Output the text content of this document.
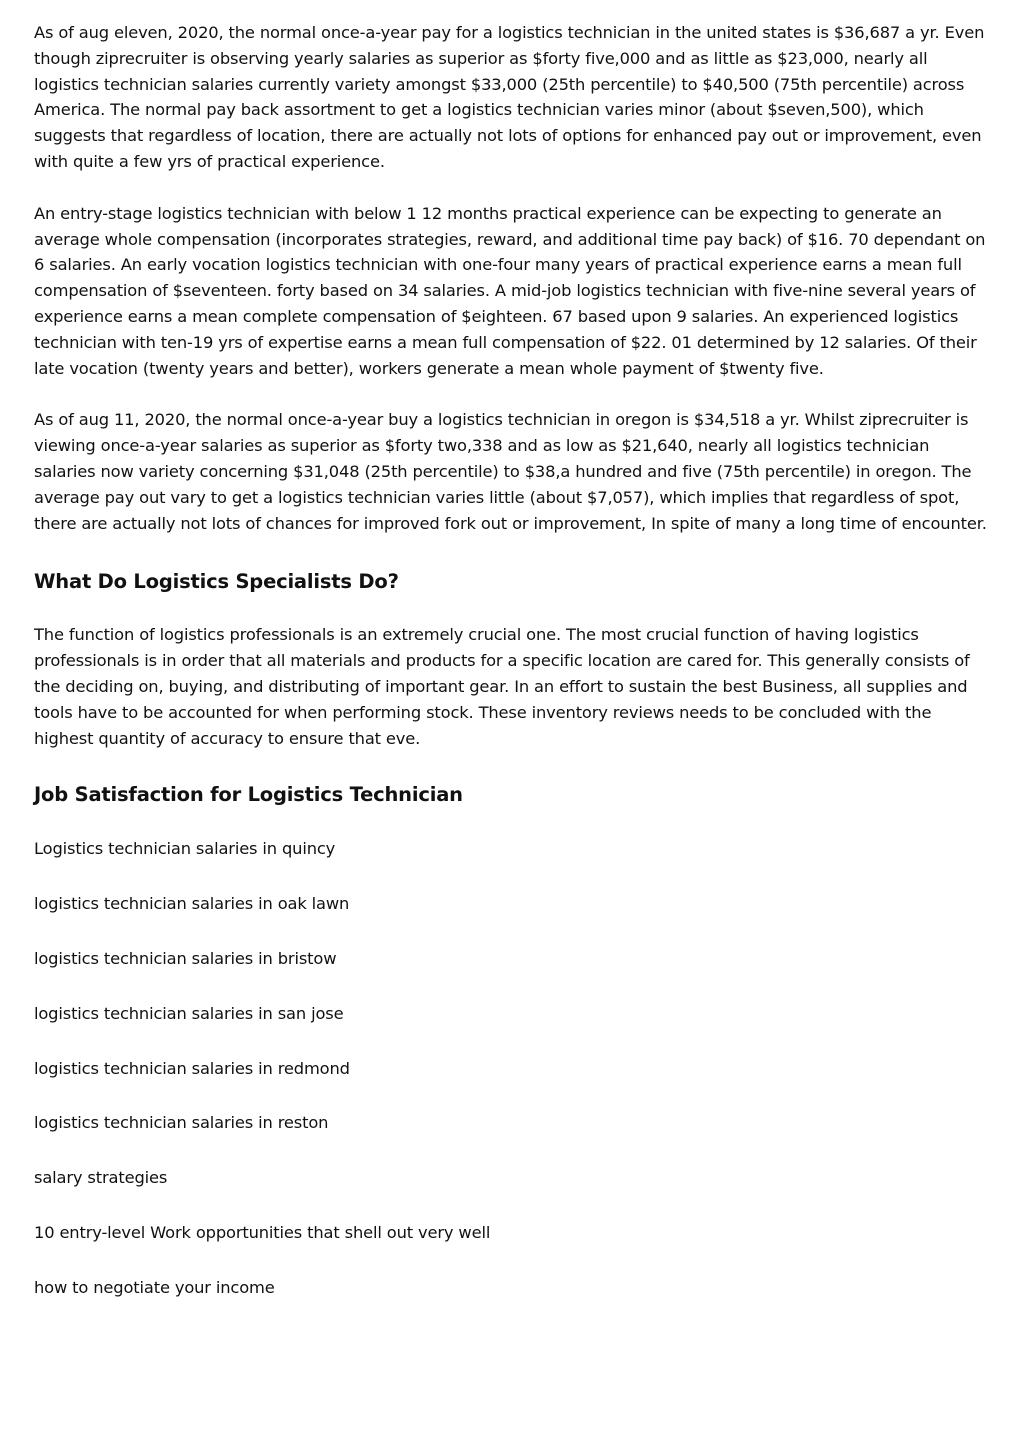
As of aug eleven, 2020, the normal once-a-year pay for a logistics technician in the united states is $36,687 a yr. Even though ziprecruiter is observing yearly salaries as superior as $forty five,000 and as little as $23,000, nearly all logistics technician salaries currently variety amongst $33,000 (25th percentile) to $40,500 (75th percentile) across America. The normal pay back assortment to get a logistics technician varies minor (about $seven,500), which suggests that regardless of location, there are actually not lots of options for enhanced pay out or improvement, even with quite a few yrs of practical experience.

An entry-stage logistics technician with below 1 12 months practical experience can be expecting to generate an average whole compensation (incorporates strategies, reward, and additional time pay back) of $16. 70 dependant on 6 salaries. An early vocation logistics technician with one-four many years of practical experience earns a mean full compensation of $seventeen. forty based on 34 salaries. A mid-job logistics technician with five-nine several years of experience earns a mean complete compensation of $eighteen. 67 based upon 9 salaries. An experienced logistics technician with ten-19 yrs of expertise earns a mean full compensation of $22. 01 determined by 12 salaries. Of their late vocation (twenty years and better), workers generate a mean whole payment of $twenty five.

As of aug 11, 2020, the normal once-a-year buy a logistics technician in oregon is $34,518 a yr. Whilst ziprecruiter is viewing once-a-year salaries as superior as $forty two,338 and as low as $21,640, nearly all logistics technician salaries now variety concerning $31,048 (25th percentile) to $38,a hundred and five (75th percentile) in oregon. The average pay out vary to get a logistics technician varies little (about $7,057), which implies that regardless of spot, there are actually not lots of chances for improved fork out or improvement, In spite of many a long time of encounter.

What Do Logistics Specialists Do?

The function of logistics professionals is an extremely crucial one. The most crucial function of having logistics professionals is in order that all materials and products for a specific location are cared for. This generally consists of the deciding on, buying, and distributing of important gear. In an effort to sustain the best Business, all supplies and tools have to be accounted for when performing stock. These inventory reviews needs to be concluded with the highest quantity of accuracy to ensure that eve.

Job Satisfaction for Logistics Technician
Logistics technician salaries in quincy
logistics technician salaries in oak lawn
logistics technician salaries in bristow
logistics technician salaries in san jose
logistics technician salaries in redmond
logistics technician salaries in reston
salary strategies
10 entry-level Work opportunities that shell out very well
how to negotiate your income
